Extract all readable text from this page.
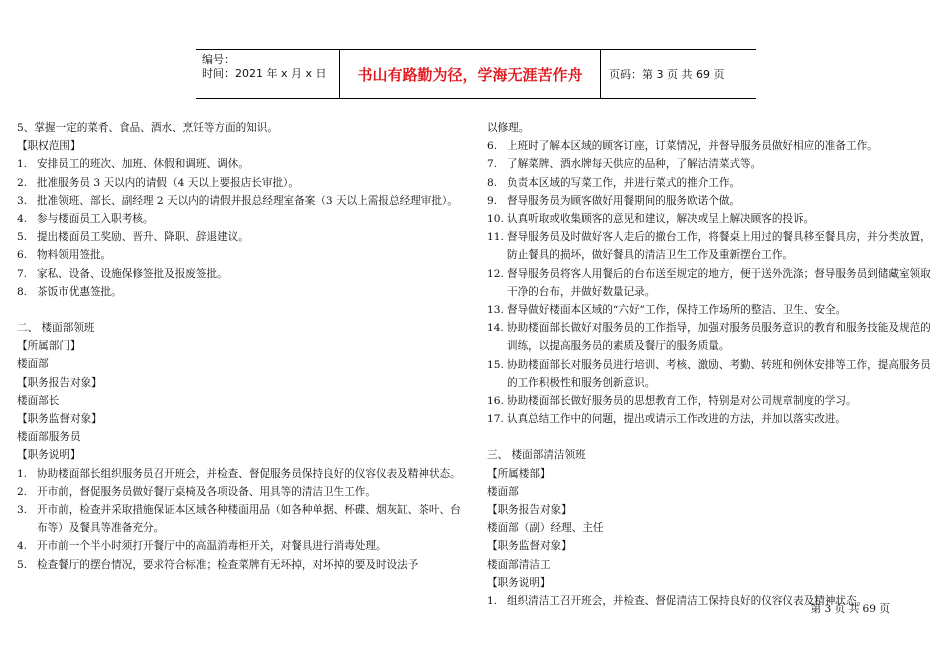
编号：
时间：2021 年 x 月 x 日	书山有路勤为径，学海无涯苦作舟	页码：第 3 页 共 69 页
5、掌握一定的菜肴、食品、酒水、烹饪等方面的知识。
【职权范围】
1. 安排员工的班次、加班、休假和调班、调休。
2. 批准服务员 3 天以内的请假（4 天以上要报店长审批）。
3. 批准领班、部长、副经理 2 天以内的请假并报总经理室备案（3 天以上需报总经理审批）。
4. 参与楼面员工入职考核。
5. 提出楼面员工奖励、晋升、降职、辞退建议。
6. 物料领用签批。
7. 家私、设备、设施保修签批及报废签批。
8. 茶饭市优惠签批。
二、 楼面部领班
【所属部门】
楼面部
【职务报告对象】
楼面部长
【职务监督对象】
楼面部服务员
【职务说明】
1. 协助楼面部长组织服务员召开班会，并检查、督促服务员保持良好的仪容仪表及精神状态。
2. 开市前，督促服务员做好餐厅桌椅及各项设备、用具等的清洁卫生工作。
3. 开市前，检查并采取措施保证本区域各种楼面用品（如各种单据、杯碟、烟灰缸、茶叶、台布等）及餐具等准备充分。
4. 开市前一个半小时须打开餐厅中的高温消毒柜开关，对餐具进行消毒处理。
5. 检查餐厅的摆台情况，要求符合标准；检查菜牌有无坏掉，对坏掉的要及时设法予
以修理。
6. 上班时了解本区域的顾客订座，订菜情况，并督导服务员做好相应的准备工作。
7. 了解菜牌、酒水牌每天供应的品种，了解沽清菜式等。
8. 负责本区域的写菜工作，并进行菜式的推介工作。
9. 督导服务员为顾客做好用餐期间的服务欧诺个做。
10. 认真听取或收集顾客的意见和建议，解决或呈上解决顾客的投诉。
11. 督导服务员及时做好客人走后的撤台工作，将餐桌上用过的餐具移至餐具房，并分类放置，防止餐具的损坏，做好餐具的清洁卫生工作及重新摆台工作。
12. 督导服务员将客人用餐后的台布送至规定的地方，便于送外洗涤；督导服务员到储藏室领取干净的台布，并做好数量记录。
13. 督导做好楼面本区域的“六好”工作，保持工作场所的整洁、卫生、安全。
14. 协助楼面部长做好对服务员的工作指导，加强对服务员服务意识的教育和服务技能及规范的训练，以提高服务员的素质及餐厅的服务质量。
15. 协助楼面部长对服务员进行培训、考核、激励、考勤、转班和例休安排等工作，提高服务员的工作积极性和服务创新意识。
16. 协助楼面部长做好服务员的思想教育工作，特别是对公司规章制度的学习。
17. 认真总结工作中的问题，提出或请示工作改进的方法，并加以落实改进。
三、 楼面部清洁领班
【所属楼部】
楼面部
【职务报告对象】
楼面部（副）经理、主任
【职务监督对象】
楼面部清洁工
【职务说明】
1. 组织清洁工召开班会，并检查、督促清洁工保持良好的仪容仪表及精神状态。
第 3 页 共 69 页
